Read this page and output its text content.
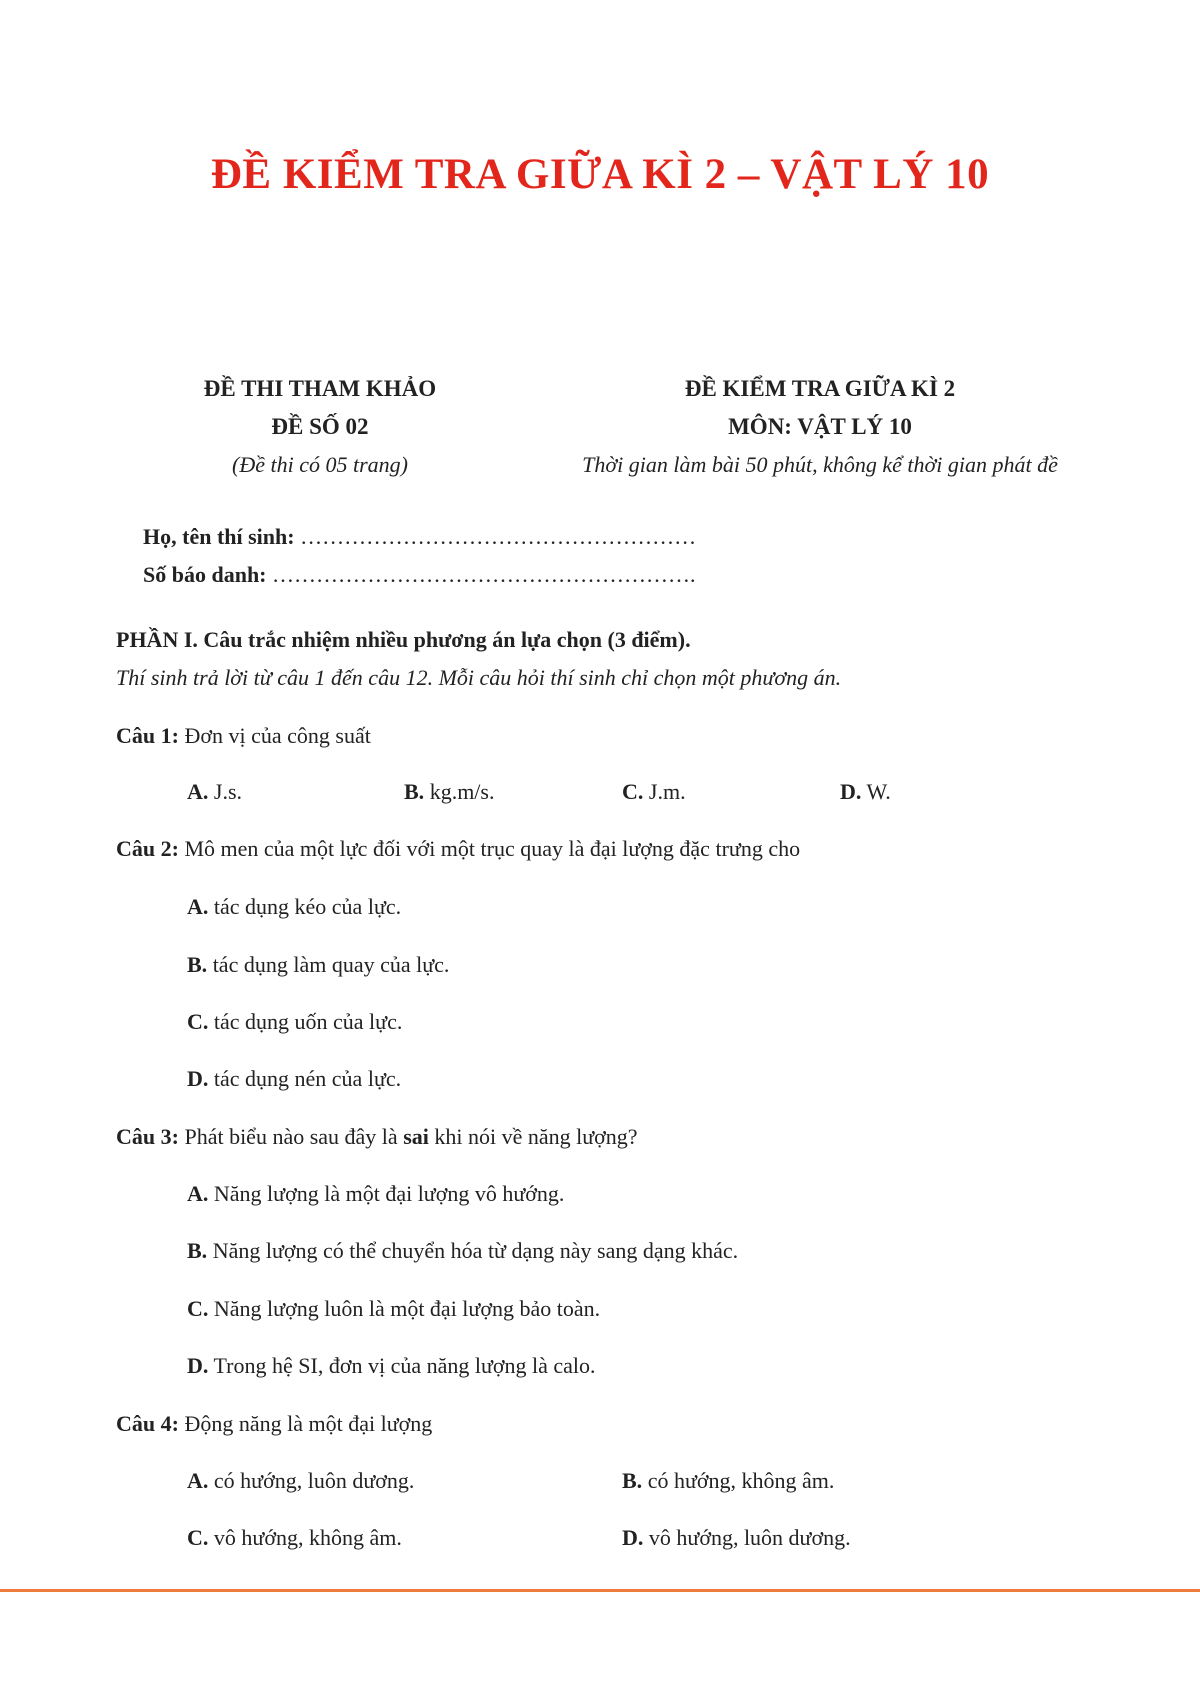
ĐỀ KIỂM TRA GIỮA KÌ 2 – VẬT LÝ 10
ĐỀ THI THAM KHẢO
ĐỀ SỐ 02
(Đề thi có 05 trang)
ĐỀ KIỂM TRA GIỮA KÌ 2
MÔN: VẬT LÝ 10
Thời gian làm bài 50 phút, không kể thời gian phát đề
Họ, tên thí sinh: ………………………………………………
Số báo danh: ………………………………………………….
PHẦN I. Câu trắc nhiệm nhiều phương án lựa chọn (3 điểm).
Thí sinh trả lời từ câu 1 đến câu 12. Mỗi câu hỏi thí sinh chỉ chọn một phương án.
Câu 1: Đơn vị của công suất
A. J.s.	B. kg.m/s.	C. J.m.	D. W.
Câu 2: Mô men của một lực đối với một trục quay là đại lượng đặc trưng cho
A. tác dụng kéo của lực.
B. tác dụng làm quay của lực.
C. tác dụng uốn của lực.
D. tác dụng nén của lực.
Câu 3: Phát biểu nào sau đây là sai khi nói về năng lượng?
A. Năng lượng là một đại lượng vô hướng.
B. Năng lượng có thể chuyển hóa từ dạng này sang dạng khác.
C. Năng lượng luôn là một đại lượng bảo toàn.
D. Trong hệ SI, đơn vị của năng lượng là calo.
Câu 4: Động năng là một đại lượng
A. có hướng, luôn dương.	B. có hướng, không âm.
C. vô hướng, không âm.	D. vô hướng, luôn dương.
